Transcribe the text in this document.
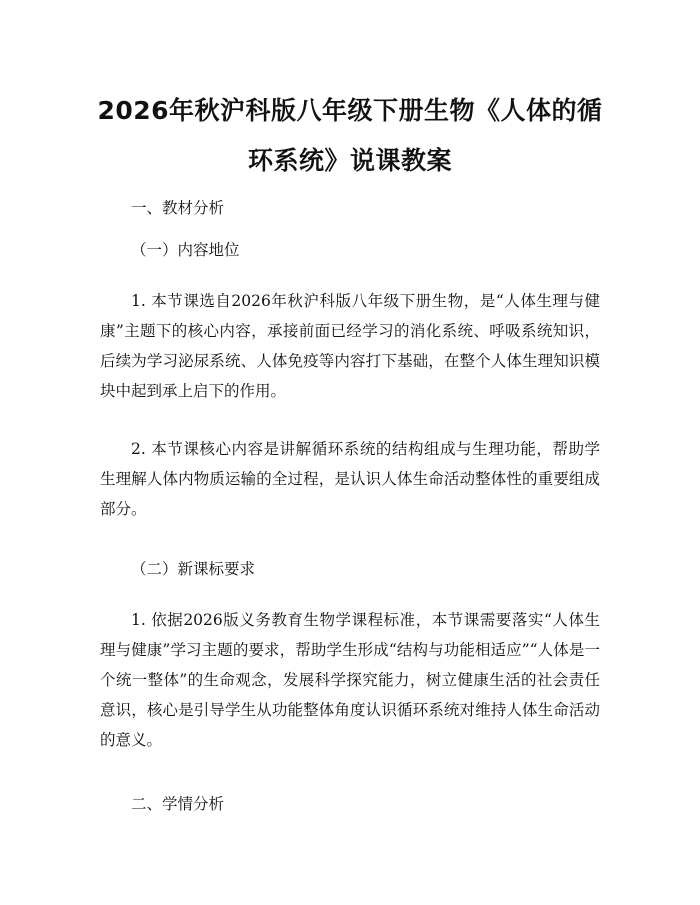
2026年秋沪科版八年级下册生物《人体的循
环系统》说课教案

一、教材分析

（一）内容地位

1. 本节课选自2026年秋沪科版八年级下册生物，是“人体生理与健康”主题下的核心内容，承接前面已经学习的消化系统、呼吸系统知识，后续为学习泌尿系统、人体免疫等内容打下基础，在整个人体生理知识模块中起到承上启下的作用。

2. 本节课核心内容是讲解循环系统的结构组成与生理功能，帮助学生理解人体内物质运输的全过程，是认识人体生命活动整体性的重要组成部分。

（二）新课标要求

1. 依据2026版义务教育生物学课程标准，本节课需要落实“人体生理与健康”学习主题的要求，帮助学生形成“结构与功能相适应”“人体是一个统一整体”的生命观念，发展科学探究能力，树立健康生活的社会责任意识，核心是引导学生从功能整体角度认识循环系统对维持人体生命活动的意义。

二、学情分析
